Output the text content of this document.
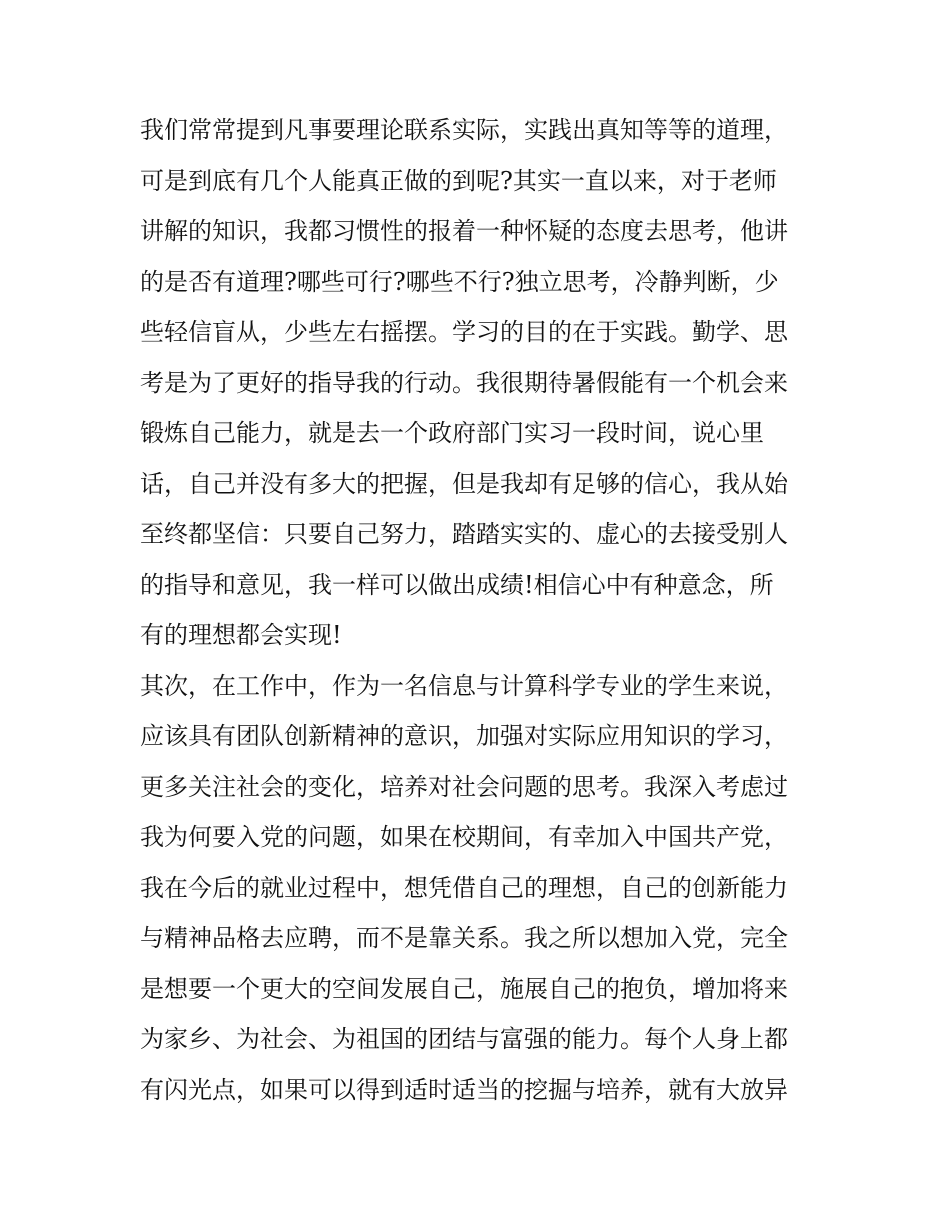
我们常常提到凡事要理论联系实际，实践出真知等等的道理，
可是到底有几个人能真正做的到呢?其实一直以来，对于老师
讲解的知识，我都习惯性的报着一种怀疑的态度去思考，他讲
的是否有道理?哪些可行?哪些不行?独立思考，冷静判断，少
些轻信盲从，少些左右摇摆。学习的目的在于实践。勤学、思
考是为了更好的指导我的行动。我很期待暑假能有一个机会来
锻炼自己能力，就是去一个政府部门实习一段时间，说心里
话，自己并没有多大的把握，但是我却有足够的信心，我从始
至终都坚信：只要自己努力，踏踏实实的、虚心的去接受别人
的指导和意见，我一样可以做出成绩!相信心中有种意念，所
有的理想都会实现!
其次，在工作中，作为一名信息与计算科学专业的学生来说，
应该具有团队创新精神的意识，加强对实际应用知识的学习，
更多关注社会的变化，培养对社会问题的思考。我深入考虑过
我为何要入党的问题，如果在校期间，有幸加入中国共产党，
我在今后的就业过程中，想凭借自己的理想，自己的创新能力
与精神品格去应聘，而不是靠关系。我之所以想加入党，完全
是想要一个更大的空间发展自己，施展自己的抱负，增加将来
为家乡、为社会、为祖国的团结与富强的能力。每个人身上都
有闪光点，如果可以得到适时适当的挖掘与培养，就有大放异
